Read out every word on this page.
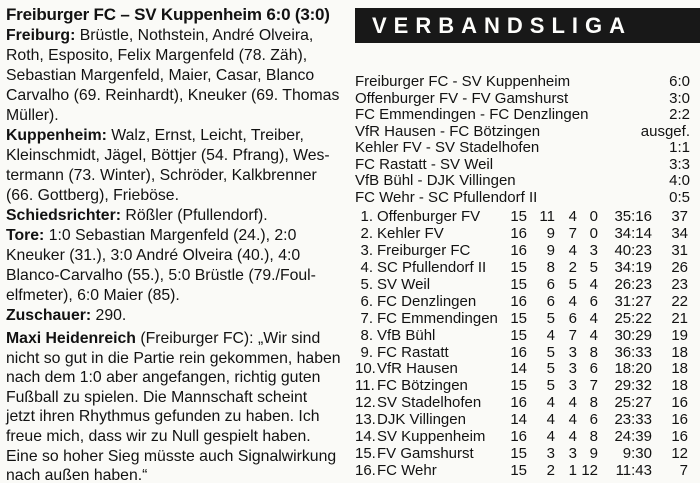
Freiburger FC – SV Kuppenheim 6:0 (3:0)
Freiburg: Brüstle, Nothstein, André Olveira,
Roth, Esposito, Felix Margenfeld (78. Zäh),
Sebastian Margenfeld, Maier, Casar, Blanco
Carvalho (69. Reinhardt), Kneuker (69. Thomas
Müller).
Kuppenheim: Walz, Ernst, Leicht, Treiber,
Kleinschmidt, Jägel, Böttjer (54. Pfrang), Wes-
termann (73. Winter), Schröder, Kalkbrenner
(66. Gottberg), Frieböse.
Schiedsrichter: Rößler (Pfullendorf).
Tore: 1:0 Sebastian Margenfeld (24.), 2:0
Kneuker (31.), 3:0 André Olveira (40.), 4:0
Blanco-Carvalho (55.), 5:0 Brüstle (79./Foul-
elfmeter), 6:0 Maier (85).
Zuschauer: 290.
Maxi Heidenreich (Freiburger FC): „Wir sind
nicht so gut in die Partie rein gekommen, haben
nach dem 1:0 aber angefangen, richtig guten
Fußball zu spielen. Die Mannschaft scheint
jetzt ihren Rhythmus gefunden zu haben. Ich
freue mich, dass wir zu Null gespielt haben.
Eine so hoher Sieg müsste auch Signalwirkung
nach außen haben.“
VERBANDSLIGA
Freiburger FC - SV Kuppenheim	6:0
Offenburger FV - FV Gamshurst	3:0
FC Emmendingen - FC Denzlingen	2:2
VfR Hausen - FC Bötzingen	ausgef.
Kehler FV - SV Stadelhofen	1:1
FC Rastatt - SV Weil	3:3
VfB Bühl - DJK Villingen	4:0
FC Wehr - SC Pfullendorf II	0:5
1. Offenburger FV	15 11 4 0	35:16	37
2. Kehler FV	16	9 7 0	34:14	34
3. Freiburger FC	16	9 4 3	40:23	31
4. SC Pfullendorf II	15	8 2 5	34:19	26
5. SV Weil	15	6 5 4	26:23	23
6. FC Denzlingen	16	6 4 6	31:27	22
7. FC Emmendingen 15	5 6 4	25:22	21
8. VfB Bühl	15	4 7 4	30:29	19
9. FC Rastatt	16	5 3 8	36:33	18
10. VfR Hausen	14	5 3 6	18:20	18
11. FC Bötzingen	15	5 3 7	29:32	18
12. SV Stadelhofen	16	4 4 8	25:27	16
13. DJK Villingen	14	4 4 6	23:33	16
14. SV Kuppenheim	16	4 4 8	24:39	16
15. FV Gamshurst	15	3 3 9	9:30	12
16. FC Wehr	15	2 1 12	11:43	7
